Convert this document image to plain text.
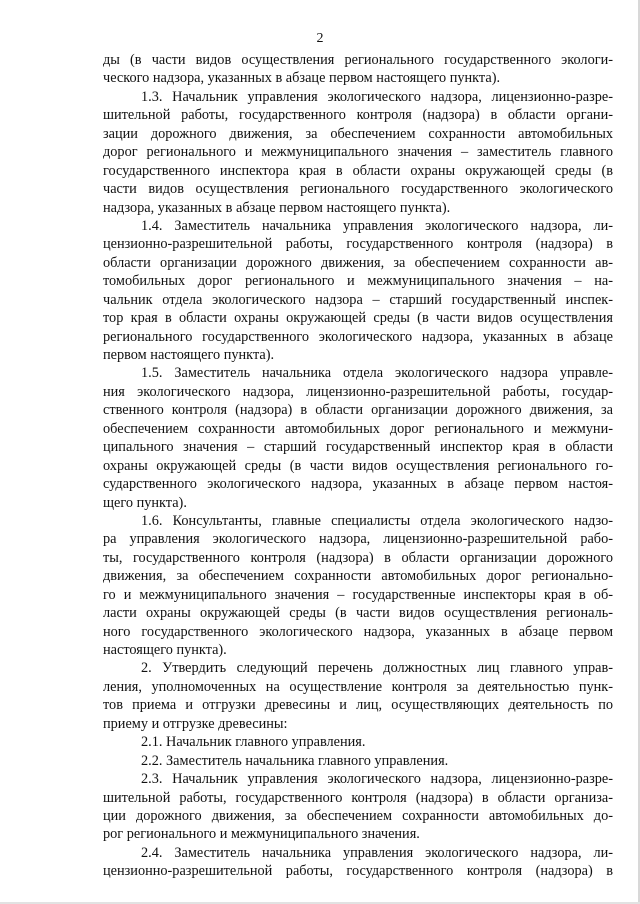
2
ды (в части видов осуществления регионального государственного экологи-
ческого надзора, указанных в абзаце первом настоящего пункта).
1.3. Начальник управления экологического надзора, лицензионно-разре-
шительной работы, государственного контроля (надзора) в области органи-
зации дорожного движения, за обеспечением сохранности автомобильных
дорог регионального и межмуниципального значения – заместитель главного
государственного инспектора края в области охраны окружающей среды (в
части видов осуществления регионального государственного экологического
надзора, указанных в абзаце первом настоящего пункта).
1.4. Заместитель начальника управления экологического надзора, ли-
цензионно-разрешительной работы, государственного контроля (надзора) в
области организации дорожного движения, за обеспечением сохранности ав-
томобильных дорог регионального и межмуниципального значения – на-
чальник отдела экологического надзора – старший государственный инспек-
тор края в области охраны окружающей среды (в части видов осуществления
регионального государственного экологического надзора, указанных в абзаце
первом настоящего пункта).
1.5. Заместитель начальника отдела экологического надзора управле-
ния экологического надзора, лицензионно-разрешительной работы, государ-
ственного контроля (надзора) в области организации дорожного движения, за
обеспечением сохранности автомобильных дорог регионального и межмуни-
ципального значения – старший государственный инспектор края в области
охраны окружающей среды (в части видов осуществления регионального го-
сударственного экологического надзора, указанных в абзаце первом настоя-
щего пункта).
1.6. Консультанты, главные специалисты отдела экологического надзо-
ра управления экологического надзора, лицензионно-разрешительной рабо-
ты, государственного контроля (надзора) в области организации дорожного
движения, за обеспечением сохранности автомобильных дорог регионально-
го и межмуниципального значения – государственные инспекторы края в об-
ласти охраны окружающей среды (в части видов осуществления региональ-
ного государственного экологического надзора, указанных в абзаце первом
настоящего пункта).
2. Утвердить следующий перечень должностных лиц главного управ-
ления, уполномоченных на осуществление контроля за деятельностью пунк-
тов приема и отгрузки древесины и лиц, осуществляющих деятельность по
приему и отгрузке древесины:
2.1. Начальник главного управления.
2.2. Заместитель начальника главного управления.
2.3. Начальник управления экологического надзора, лицензионно-разре-
шительной работы, государственного контроля (надзора) в области организа-
ции дорожного движения, за обеспечением сохранности автомобильных до-
рог регионального и межмуниципального значения.
2.4. Заместитель начальника управления экологического надзора, ли-
цензионно-разрешительной работы, государственного контроля (надзора) в
